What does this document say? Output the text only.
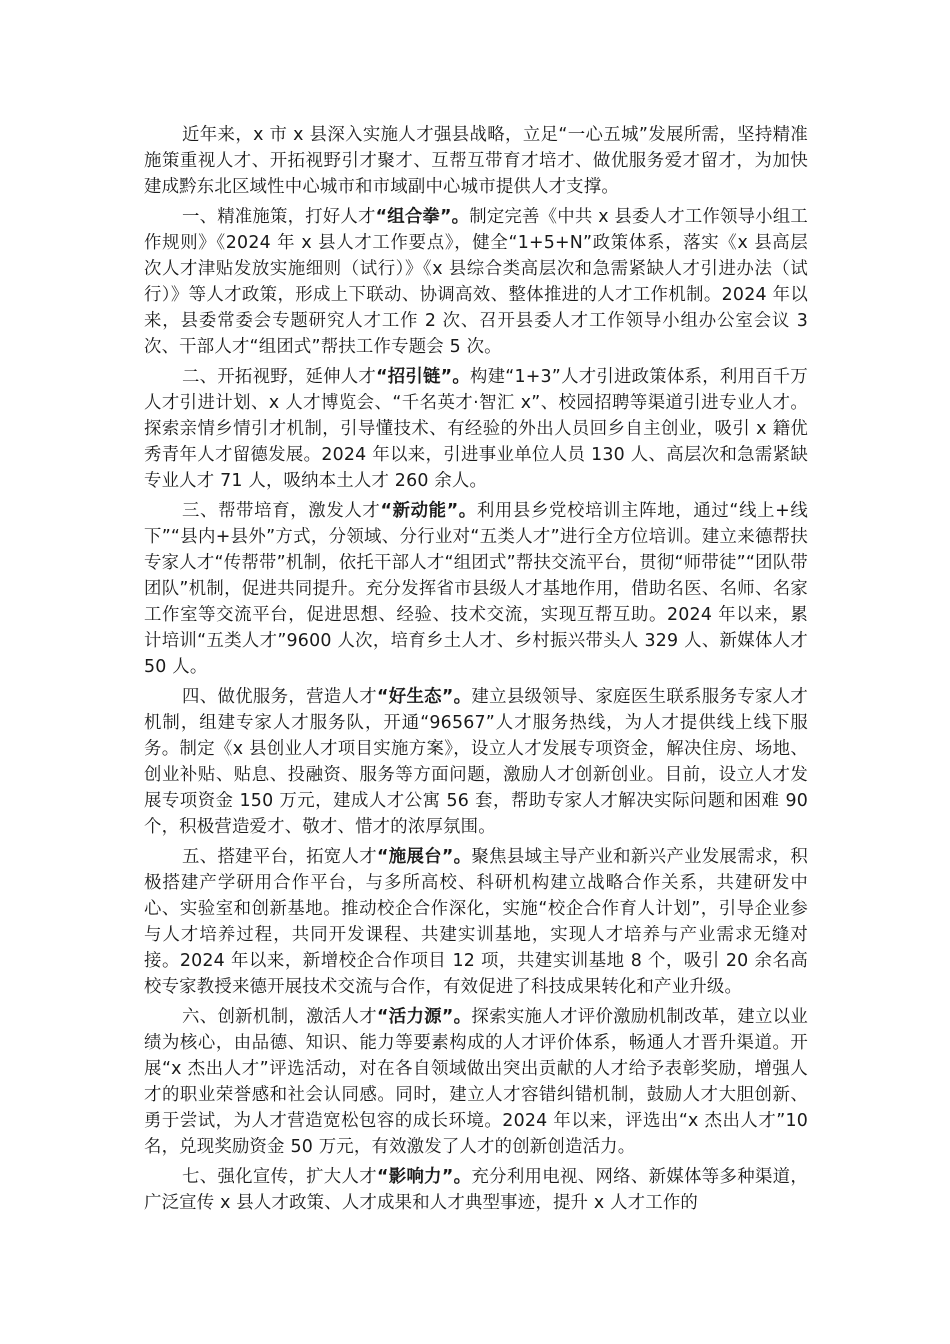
近年来，x 市 x 县深入实施人才强县战略，立足“一心五城”发展所需，坚持精准施策重视人才、开拓视野引才聚才、互帮互带育才培才、做优服务爱才留才，为加快建成黔东北区域性中心城市和市域副中心城市提供人才支撑。

一、精准施策，打好人才“组合拳”。制定完善《中共 x 县委人才工作领导小组工作规则》《2024 年 x 县人才工作要点》，健全“1+5+N”政策体系，落实《x 县高层次人才津贴发放实施细则（试行）》《x 县综合类高层次和急需紧缺人才引进办法（试行）》等人才政策，形成上下联动、协调高效、整体推进的人才工作机制。2024 年以来，县委常委会专题研究人才工作 2 次、召开县委人才工作领导小组办公室会议 3 次、干部人才“组团式”帮扶工作专题会 5 次。

二、开拓视野，延伸人才“招引链”。构建“1+3”人才引进政策体系，利用百千万人才引进计划、x 人才博览会、“千名英才·智汇 x”、校园招聘等渠道引进专业人才。探索亲情乡情引才机制，引导懂技术、有经验的外出人员回乡自主创业，吸引 x 籍优秀青年人才留德发展。2024 年以来，引进事业单位人员 130 人、高层次和急需紧缺专业人才 71 人，吸纳本土人才 260 余人。

三、帮带培育，激发人才“新动能”。利用县乡党校培训主阵地，通过“线上+线下”“县内+县外”方式，分领域、分行业对“五类人才”进行全方位培训。建立来德帮扶专家人才“传帮带”机制，依托干部人才“组团式”帮扶交流平台，贯彻“师带徒”“团队带团队”机制，促进共同提升。充分发挥省市县级人才基地作用，借助名医、名师、名家工作室等交流平台，促进思想、经验、技术交流，实现互帮互助。2024 年以来，累计培训“五类人才”9600 人次，培育乡土人才、乡村振兴带头人 329 人、新媒体人才 50 人。

四、做优服务，营造人才“好生态”。建立县级领导、家庭医生联系服务专家人才机制，组建专家人才服务队，开通“96567”人才服务热线，为人才提供线上线下服务。制定《x 县创业人才项目实施方案》，设立人才发展专项资金，解决住房、场地、创业补贴、贴息、投融资、服务等方面问题，激励人才创新创业。目前，设立人才发展专项资金 150 万元，建成人才公寓 56 套，帮助专家人才解决实际问题和困难 90 个，积极营造爱才、敬才、惜才的浓厚氛围。

五、搭建平台，拓宽人才“施展台”。聚焦县域主导产业和新兴产业发展需求，积极搭建产学研用合作平台，与多所高校、科研机构建立战略合作关系，共建研发中心、实验室和创新基地。推动校企合作深化，实施“校企合作育人计划”，引导企业参与人才培养过程，共同开发课程、共建实训基地，实现人才培养与产业需求无缝对接。2024 年以来，新增校企合作项目 12 项，共建实训基地 8 个，吸引 20 余名高校专家教授来德开展技术交流与合作，有效促进了科技成果转化和产业升级。

六、创新机制，激活人才“活力源”。探索实施人才评价激励机制改革，建立以业绩为核心，由品德、知识、能力等要素构成的人才评价体系，畅通人才晋升渠道。开展“x 杰出人才”评选活动，对在各自领域做出突出贡献的人才给予表彰奖励，增强人才的职业荣誉感和社会认同感。同时，建立人才容错纠错机制，鼓励人才大胆创新、勇于尝试，为人才营造宽松包容的成长环境。2024 年以来，评选出“x 杰出人才”10 名，兑现奖励资金 50 万元，有效激发了人才的创新创造活力。

七、强化宣传，扩大人才“影响力”。充分利用电视、网络、新媒体等多种渠道，广泛宣传 x 县人才政策、人才成果和人才典型事迹，提升 x 人才工作的
